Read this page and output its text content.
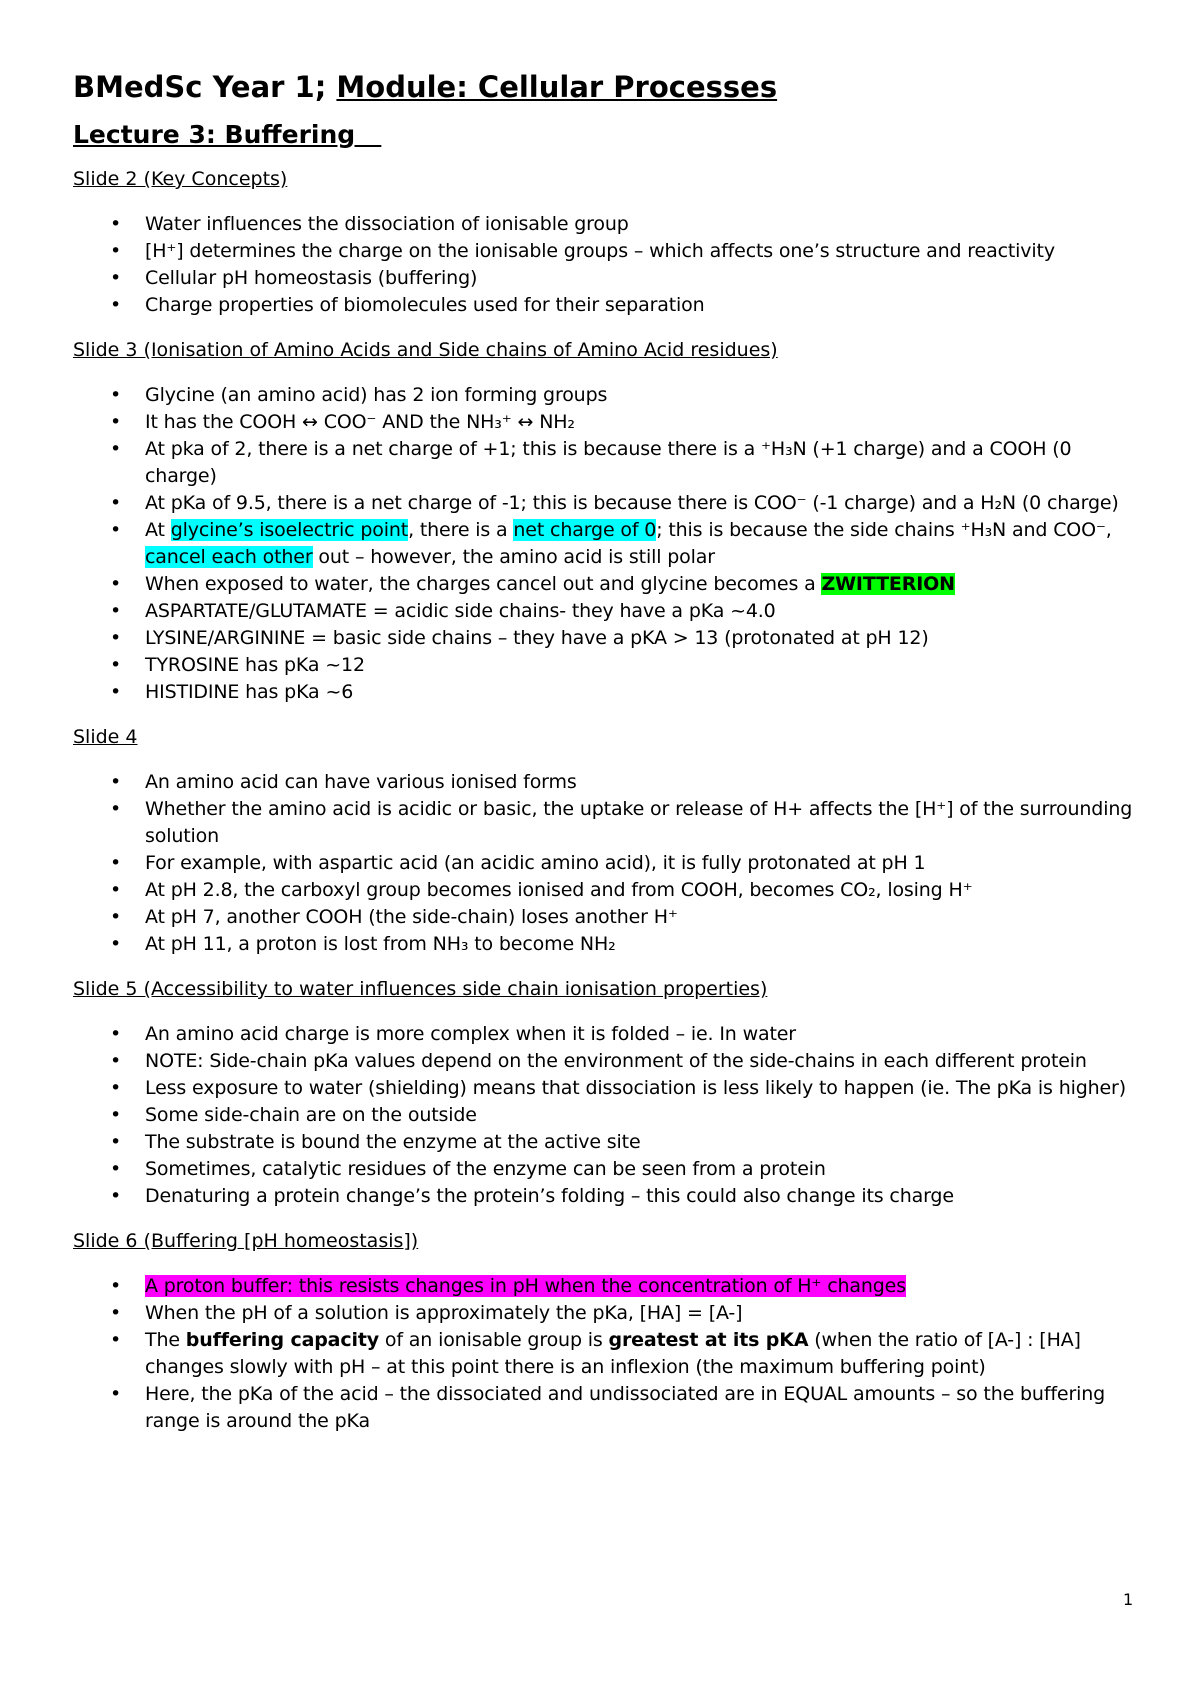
BMedSc Year 1; Module: Cellular Processes
Lecture 3: Buffering
Slide 2 (Key Concepts)
• Water influences the dissociation of ionisable group
• [H⁺] determines the charge on the ionisable groups – which affects one’s structure and reactivity
• Cellular pH homeostasis (buffering)
• Charge properties of biomolecules used for their separation
Slide 3 (Ionisation of Amino Acids and Side chains of Amino Acid residues)
• Glycine (an amino acid) has 2 ion forming groups
• It has the COOH ↔ COO⁻ AND the NH₃⁺ ↔ NH₂
• At pka of 2, there is a net charge of +1; this is because there is a ⁺H₃N (+1 charge) and a COOH (0 charge)
• At pKa of 9.5, there is a net charge of -1; this is because there is COO⁻ (-1 charge) and a H₂N (0 charge)
• At glycine’s isoelectric point, there is a net charge of 0; this is because the side chains ⁺H₃N and COO⁻, cancel each other out – however, the amino acid is still polar
• When exposed to water, the charges cancel out and glycine becomes a ZWITTERION
• ASPARTATE/GLUTAMATE = acidic side chains- they have a pKa ~4.0
• LYSINE/ARGININE = basic side chains – they have a pKA > 13 (protonated at pH 12)
• TYROSINE has pKa ~12
• HISTIDINE has pKa ~6
Slide 4
• An amino acid can have various ionised forms
• Whether the amino acid is acidic or basic, the uptake or release of H+ affects the [H⁺] of the surrounding solution
• For example, with aspartic acid (an acidic amino acid), it is fully protonated at pH 1
• At pH 2.8, the carboxyl group becomes ionised and from COOH, becomes CO₂, losing H⁺
• At pH 7, another COOH (the side-chain) loses another H⁺
• At pH 11, a proton is lost from NH₃ to become NH₂
Slide 5 (Accessibility to water influences side chain ionisation properties)
• An amino acid charge is more complex when it is folded – ie. In water
• NOTE: Side-chain pKa values depend on the environment of the side-chains in each different protein
• Less exposure to water (shielding) means that dissociation is less likely to happen (ie. The pKa is higher)
• Some side-chain are on the outside
• The substrate is bound the enzyme at the active site
• Sometimes, catalytic residues of the enzyme can be seen from a protein
• Denaturing a protein change’s the protein’s folding – this could also change its charge
Slide 6 (Buffering [pH homeostasis])
• A proton buffer: this resists changes in pH when the concentration of H⁺ changes
• When the pH of a solution is approximately the pKa, [HA] = [A-]
• The buffering capacity of an ionisable group is greatest at its pKA (when the ratio of [A-] : [HA] changes slowly with pH – at this point there is an inflexion (the maximum buffering point)
• Here, the pKa of the acid – the dissociated and undissociated are in EQUAL amounts – so the buffering range is around the pKa
1
